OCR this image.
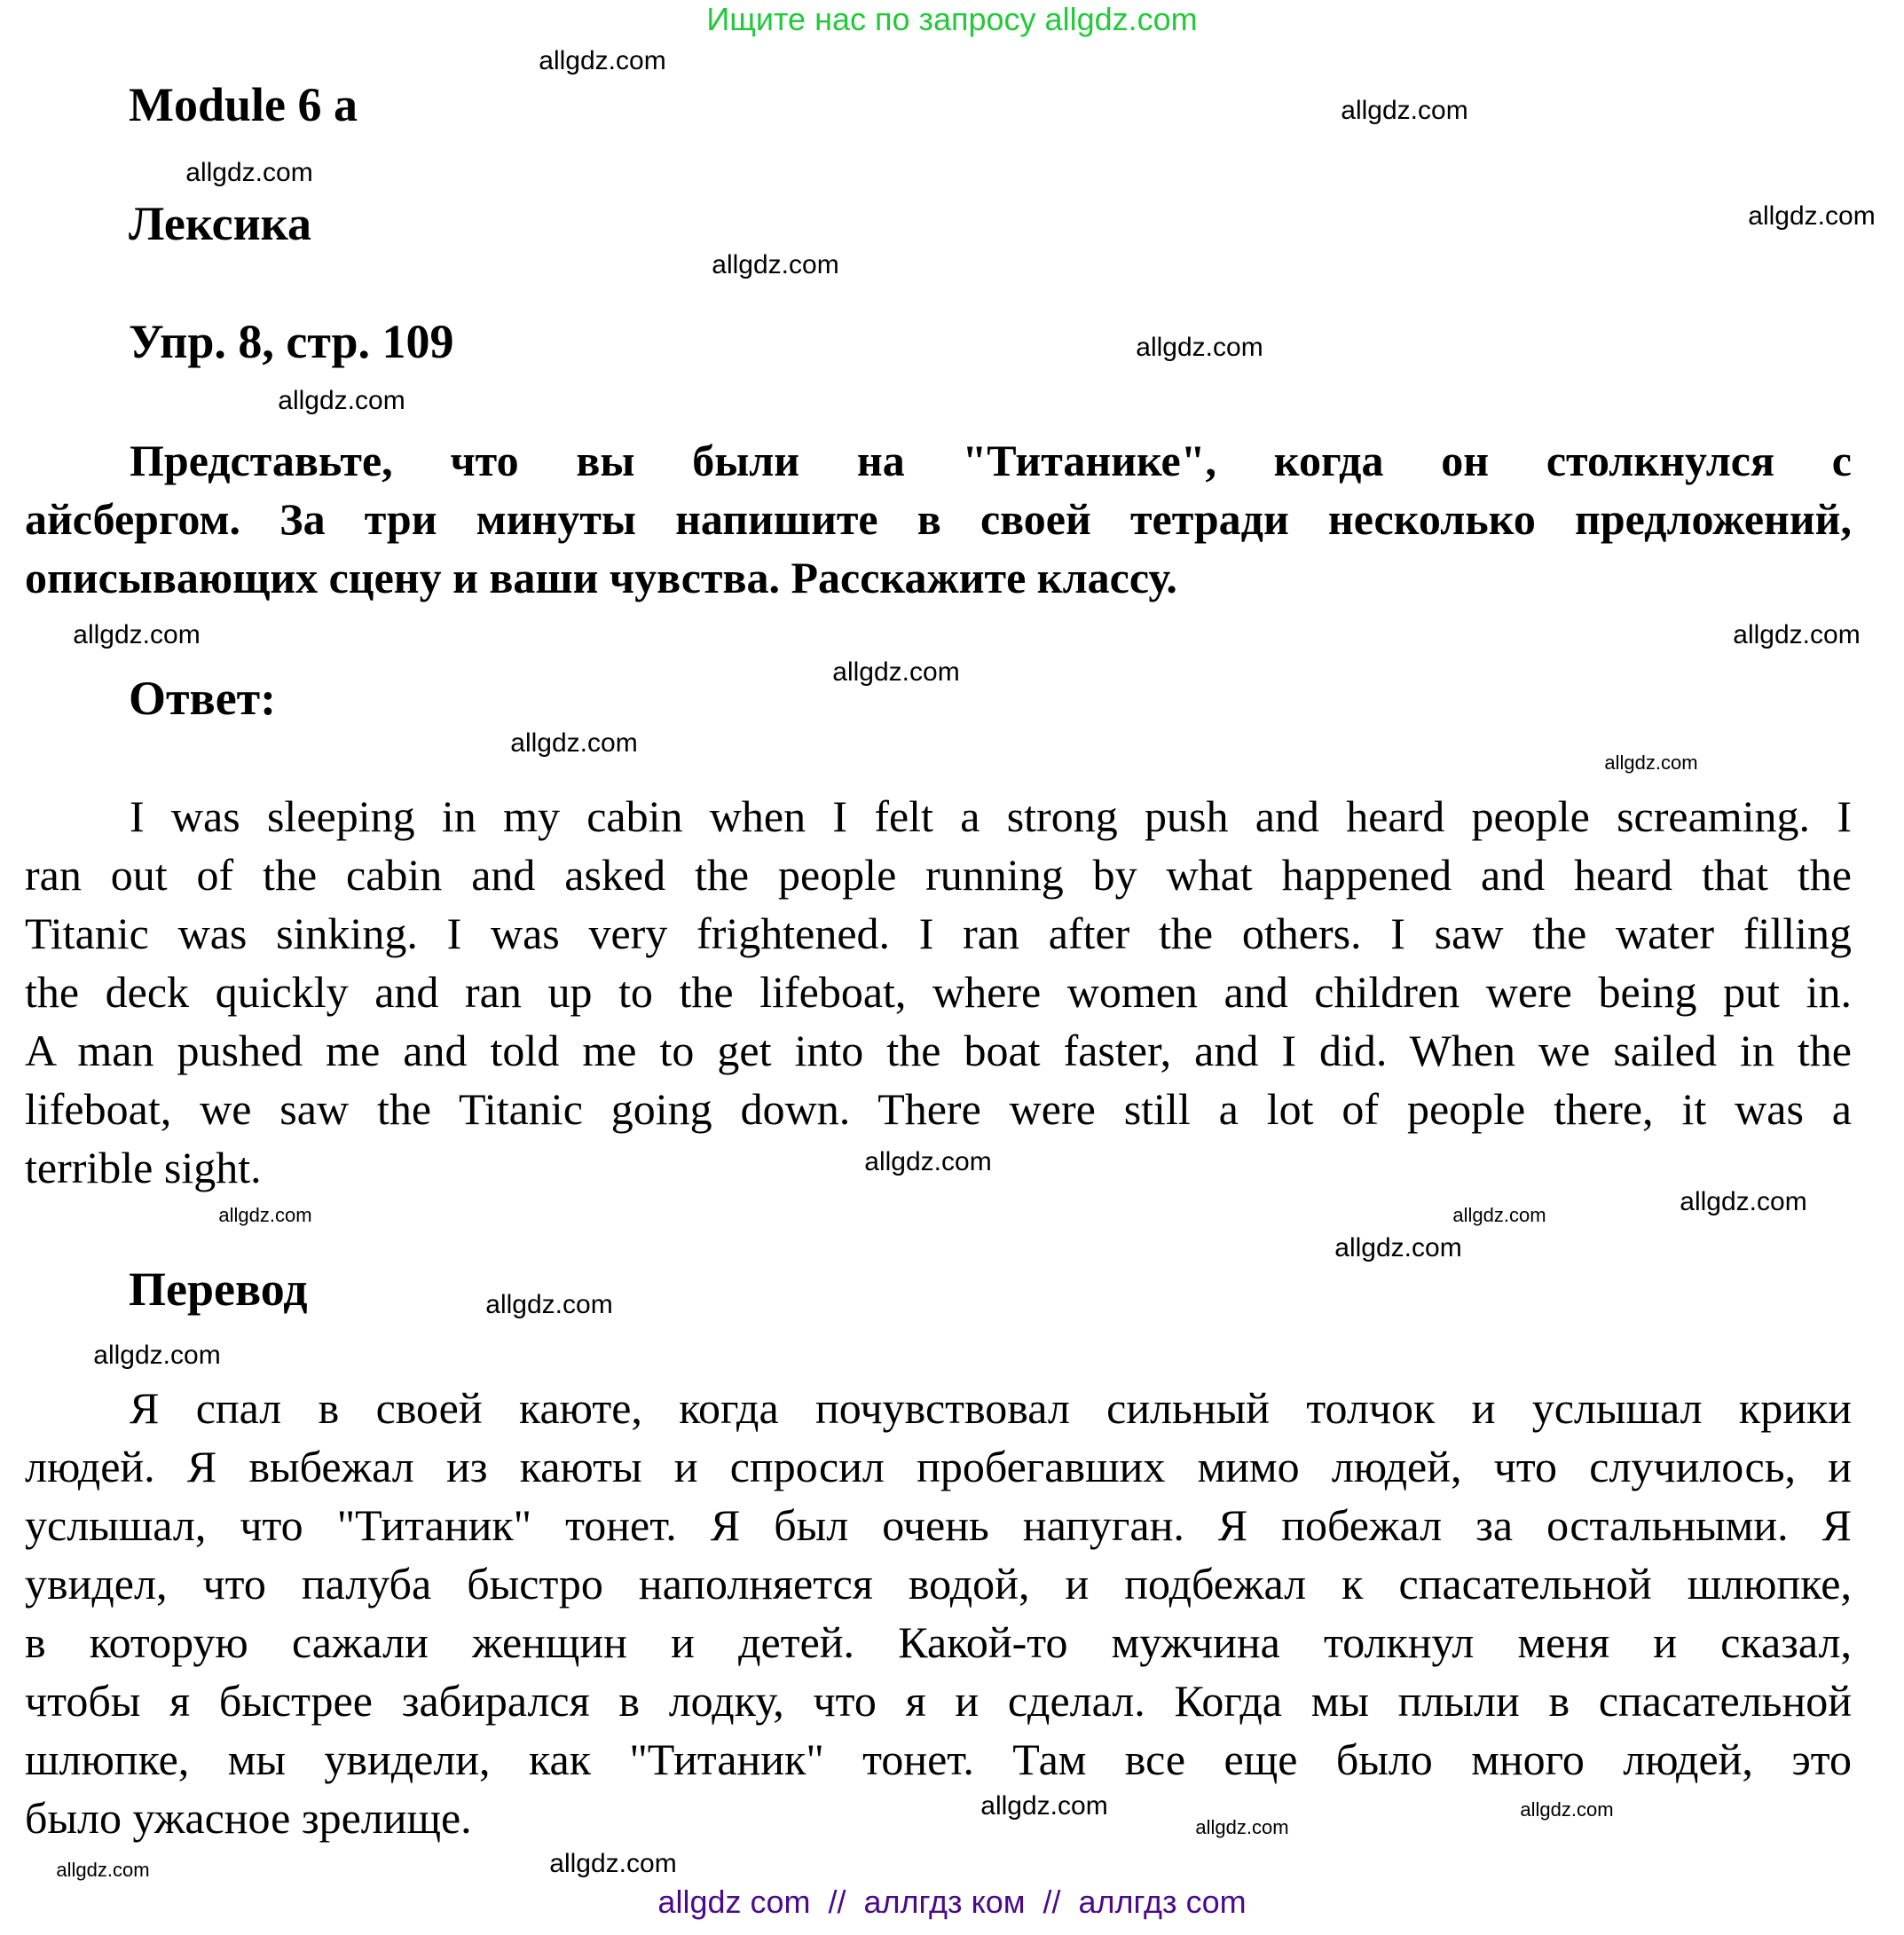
Ищите нас по запросу allgdz.com
Module 6 a
Лексика
Упр. 8, стр. 109
Представьте, что вы были на "Титанике", когда он столкнулся с
айсбергом. За три минуты напишите в своей тетради несколько предложений,
описывающих сцену и ваши чувства. Расскажите классу.
Ответ:
I was sleeping in my cabin when I felt a strong push and heard people screaming. I
ran out of the cabin and asked the people running by what happened and heard that the
Titanic was sinking. I was very frightened. I ran after the others. I saw the water filling
the deck quickly and ran up to the lifeboat, where women and children were being put in.
A man pushed me and told me to get into the boat faster, and I did. When we sailed in the
lifeboat, we saw the Titanic going down. There were still a lot of people there, it was a
terrible sight.
Перевод
Я спал в своей каюте, когда почувствовал сильный толчок и услышал крики
людей. Я выбежал из каюты и спросил пробегавших мимо людей, что случилось, и
услышал, что "Титаник" тонет. Я был очень напуган. Я побежал за остальными. Я
увидел, что палуба быстро наполняется водой, и подбежал к спасательной шлюпке,
в которую сажали женщин и детей. Какой-то мужчина толкнул меня и сказал,
чтобы я быстрее забирался в лодку, что я и сделал. Когда мы плыли в спасательной
шлюпке, мы увидели, как "Титаник" тонет. Там все еще было много людей, это
было ужасное зрелище.
allgdz.com
allgdz.com
allgdz.com
allgdz.com
allgdz.com
allgdz.com
allgdz.com
allgdz.com
allgdz.com
allgdz.com
allgdz.com
allgdz.com
allgdz.com
allgdz.com
allgdz.com
allgdz.com
allgdz.com
allgdz.com
allgdz.com
allgdz.com
allgdz.com
allgdz.com
allgdz.com
allgdz.com
allgdz com  //  аллгдз ком  //  аллгдз com
